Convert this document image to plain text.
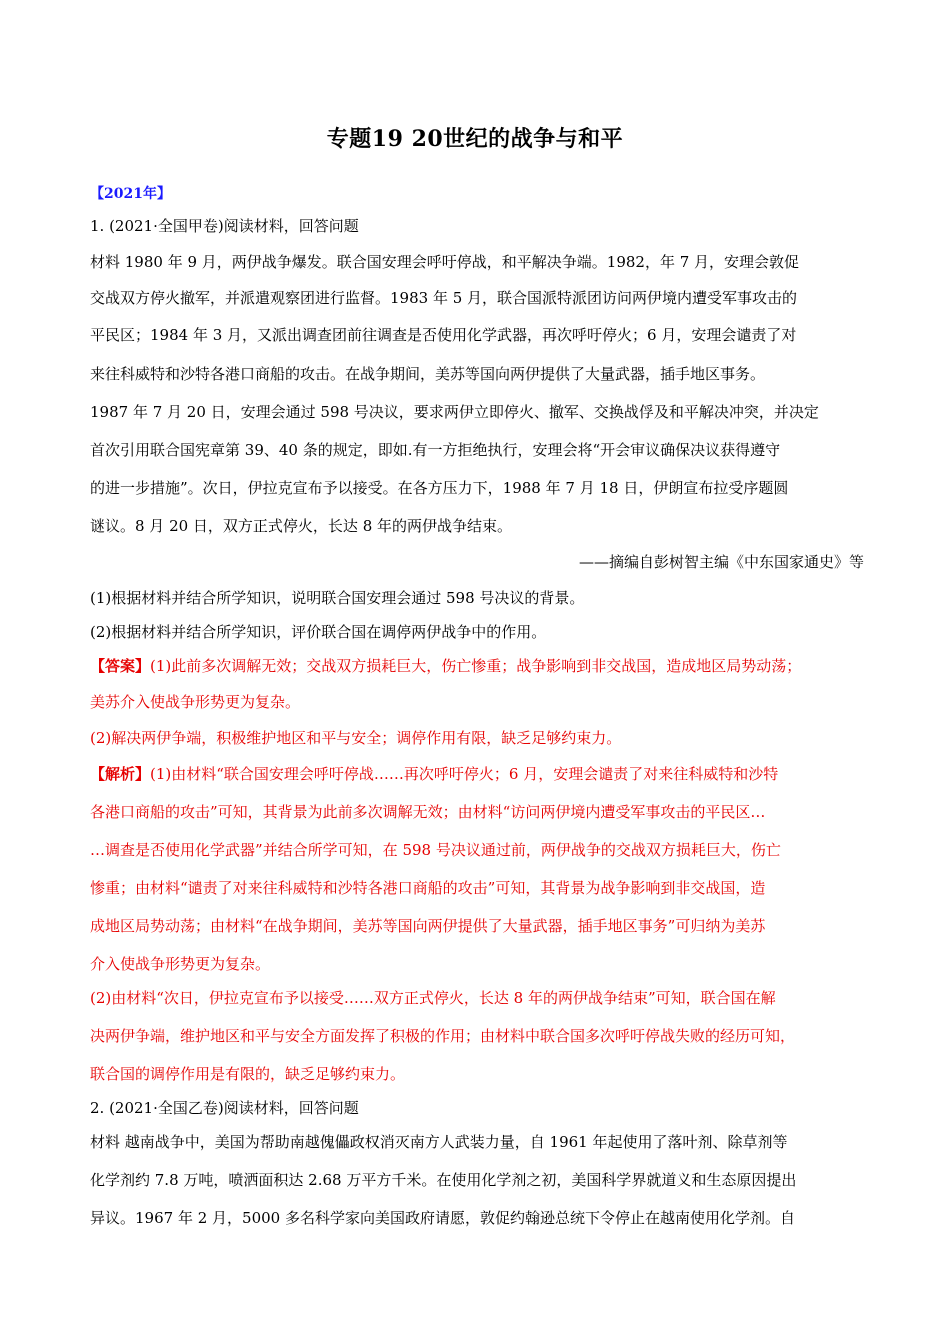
专题19 20世纪的战争与和平
【2021年】
1. (2021·全国甲卷)阅读材料，回答问题
材料 1980 年 9 月，两伊战争爆发。联合国安理会呼吁停战，和平解决争端。1982，年 7 月，安理会敦促
交战双方停火撤军，并派遣观察团进行监督。1983 年 5 月，联合国派特派团访问两伊境内遭受军事攻击的
平民区；1984 年 3 月，又派出调查团前往调查是否使用化学武器，再次呼吁停火；6 月，安理会谴责了对
来往科威特和沙特各港口商船的攻击。在战争期间，美苏等国向两伊提供了大量武器，插手地区事务。
1987 年 7 月 20 日，安理会通过 598 号决议，要求两伊立即停火、撤军、交换战俘及和平解决冲突，并决定
首次引用联合国宪章第 39、40 条的规定，即如.有一方拒绝执行，安理会将“开会审议确保决议获得遵守
的进一步措施”。次日，伊拉克宣布予以接受。在各方压力下，1988 年 7 月 18 日，伊朗宣布拉受序题圆
谜议。8 月 20 日，双方正式停火，长达 8 年的两伊战争结束。
——摘编自彭树智主编《中东国家通史》等
(1)根据材料并结合所学知识，说明联合国安理会通过 598 号决议的背景。
(2)根据材料并结合所学知识，评价联合国在调停两伊战争中的作用。
【答案】(1)此前多次调解无效；交战双方损耗巨大，伤亡惨重；战争影响到非交战国，造成地区局势动荡；
美苏介入使战争形势更为复杂。
(2)解决两伊争端，积极维护地区和平与安全；调停作用有限，缺乏足够约束力。
【解析】(1)由材料“联合国安理会呼吁停战……再次呼吁停火；6 月，安理会谴责了对来往科威特和沙特
各港口商船的攻击”可知，其背景为此前多次调解无效；由材料“访问两伊境内遭受军事攻击的平民区…
…调查是否使用化学武器”并结合所学可知，在 598 号决议通过前，两伊战争的交战双方损耗巨大，伤亡
惨重；由材料“谴责了对来往科威特和沙特各港口商船的攻击”可知，其背景为战争影响到非交战国，造
成地区局势动荡；由材料“在战争期间，美苏等国向两伊提供了大量武器，插手地区事务”可归纳为美苏
介入使战争形势更为复杂。
(2)由材料“次日，伊拉克宣布予以接受……双方正式停火，长达 8 年的两伊战争结束”可知，联合国在解
决两伊争端，维护地区和平与安全方面发挥了积极的作用；由材料中联合国多次呼吁停战失败的经历可知，
联合国的调停作用是有限的，缺乏足够约束力。
2. (2021·全国乙卷)阅读材料，回答问题
材料 越南战争中，美国为帮助南越傀儡政权消灭南方人武装力量，自 1961 年起使用了落叶剂、除草剂等
化学剂约 7.8 万吨，喷洒面积达 2.68 万平方千米。在使用化学剂之初，美国科学界就道义和生态原因提出
异议。1967 年 2 月，5000 多名科学家向美国政府请愿，敦促约翰逊总统下令停止在越南使用化学剂。自
